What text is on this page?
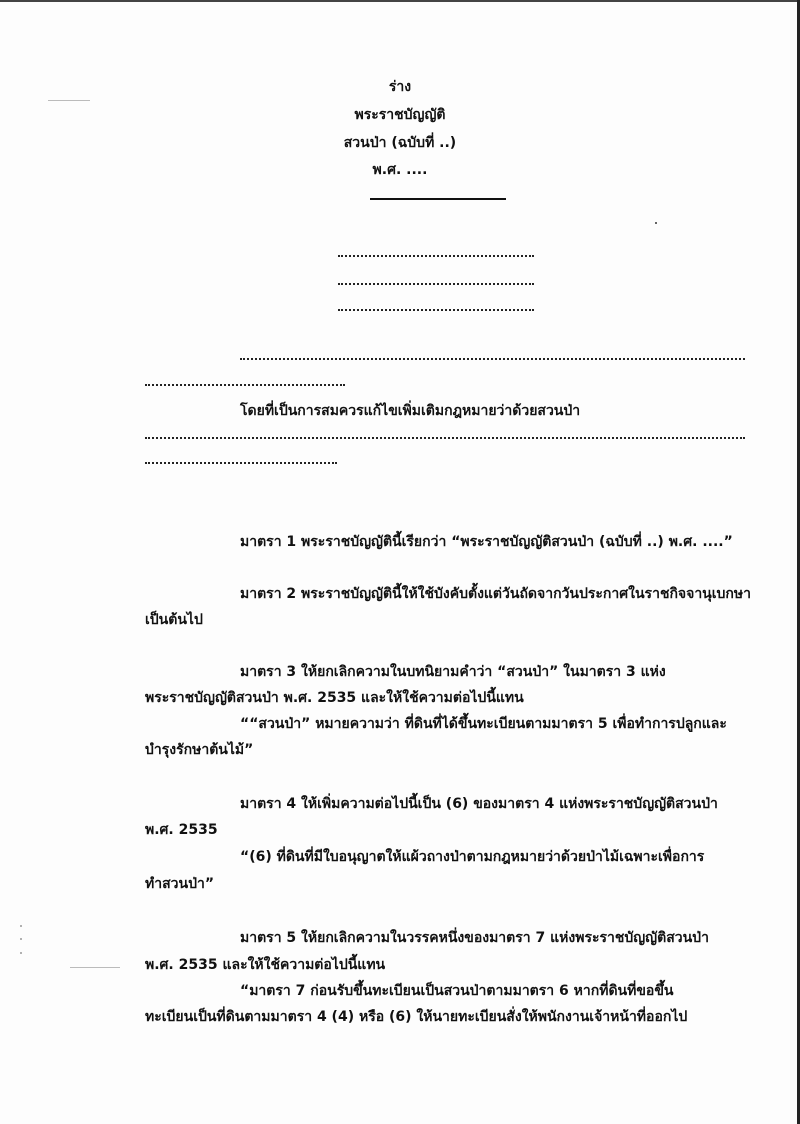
ร่าง
พระราชบัญญัติ
สวนป่า (ฉบับที่ ..)
พ.ศ. ....
โดยที่เป็นการสมควรแก้ไขเพิ่มเติมกฎหมายว่าด้วยสวนป่า
มาตรา 1 พระราชบัญญัตินี้เรียกว่า “พระราชบัญญัติสวนป่า (ฉบับที่ ..) พ.ศ. ....”
มาตรา 2 พระราชบัญญัตินี้ให้ใช้บังคับตั้งแต่วันถัดจากวันประกาศในราชกิจจานุเบกษา
เป็นต้นไป
มาตรา 3 ให้ยกเลิกความในบทนิยามคำว่า “สวนป่า” ในมาตรา 3 แห่ง
พระราชบัญญัติสวนป่า พ.ศ. 2535 และให้ใช้ความต่อไปนี้แทน
““สวนป่า” หมายความว่า ที่ดินที่ได้ขึ้นทะเบียนตามมาตรา 5 เพื่อทำการปลูกและ
บำรุงรักษาต้นไม้”
มาตรา 4 ให้เพิ่มความต่อไปนี้เป็น (6) ของมาตรา 4 แห่งพระราชบัญญัติสวนป่า
พ.ศ. 2535
“(6) ที่ดินที่มีใบอนุญาตให้แผ้วถางป่าตามกฎหมายว่าด้วยป่าไม้เฉพาะเพื่อการ
ทำสวนป่า”
มาตรา 5 ให้ยกเลิกความในวรรคหนึ่งของมาตรา 7 แห่งพระราชบัญญัติสวนป่า
พ.ศ. 2535 และให้ใช้ความต่อไปนี้แทน
“มาตรา 7 ก่อนรับขึ้นทะเบียนเป็นสวนป่าตามมาตรา 6 หากที่ดินที่ขอขึ้น
ทะเบียนเป็นที่ดินตามมาตรา 4 (4) หรือ (6) ให้นายทะเบียนสั่งให้พนักงานเจ้าหน้าที่ออกไป
